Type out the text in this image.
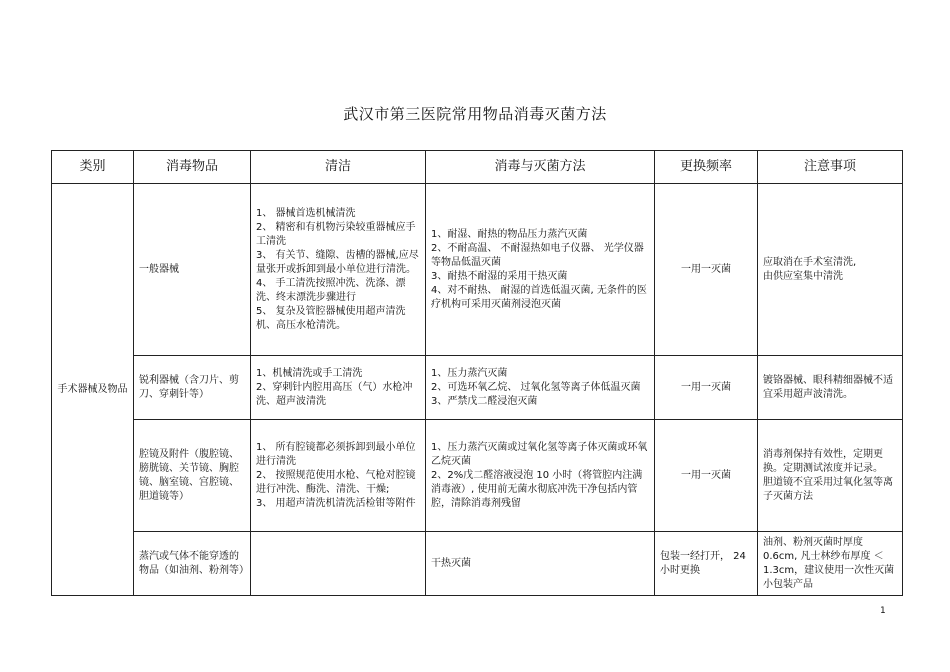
武汉市第三医院常用物品消毒灭菌方法
类别	消毒物品	清洁	消毒与灭菌方法	更换频率	注意事项
手术器械及物品	一般器械	1、 器械首选机械清洗
2、 精密和有机物污染较重器械应手工清洗
3、 有关节、缝隙、齿槽的器械,应尽量张开或拆卸到最小单位进行清洗。
4、 手工清洗按照冲洗、洗涤、漂洗、终末漂洗步骤进行
5、 复杂及管腔器械使用超声清洗机、高压水枪清洗。	1、耐湿、耐热的物品压力蒸汽灭菌
2、不耐高温、 不耐湿热如电子仪器、 光学仪器等物品低温灭菌
3、耐热不耐湿的采用干热灭菌
4、对不耐热、 耐湿的首选低温灭菌, 无条件的医疗机构可采用灭菌剂浸泡灭菌	一用一灭菌	应取消在手术室清洗,
由供应室集中清洗

	锐利器械（含刀片、剪刀、穿刺针等）	1、机械清洗或手工清洗
2、穿刺针内腔用高压（气）水枪冲洗、超声波清洗	1、压力蒸汽灭菌
2、可选环氧乙烷、 过氧化氢等离子体低温灭菌
3、严禁戊二醛浸泡灭菌	一用一灭菌	镀铬器械、眼科精细器械不适宜采用超声波清洗。

	腔镜及附件（腹腔镜、膀胱镜、关节镜、胸腔镜、脑室镜、宫腔镜、胆道镜等）	1、 所有腔镜都必须拆卸到最小单位进行清洗
2、 按照规范使用水枪、气枪对腔镜进行冲洗、酶洗、清洗、干燥;
3、 用超声清洗机清洗活检钳等附件	1、压力蒸汽灭菌或过氧化氢等离子体灭菌或环氧乙烷灭菌
2、2%戊二醛溶液浸泡 10 小时（将管腔内注满消毒液）, 使用前无菌水彻底冲洗干净包括内管腔，清除消毒剂残留	一用一灭菌	消毒剂保持有效性，定期更换。定期测试浓度并记录。
胆道镜不宜采用过氧化氢等离子灭菌方法

	蒸汽或气体不能穿透的物品（如油剂、粉剂等）		干热灭菌	包装一经打开， 24 小时更换	油剂、粉剂灭菌时厚度 0.6cm, 凡士林纱布厚度 ＜ 1.3cm，建议使用一次性灭菌小包装产品
1
